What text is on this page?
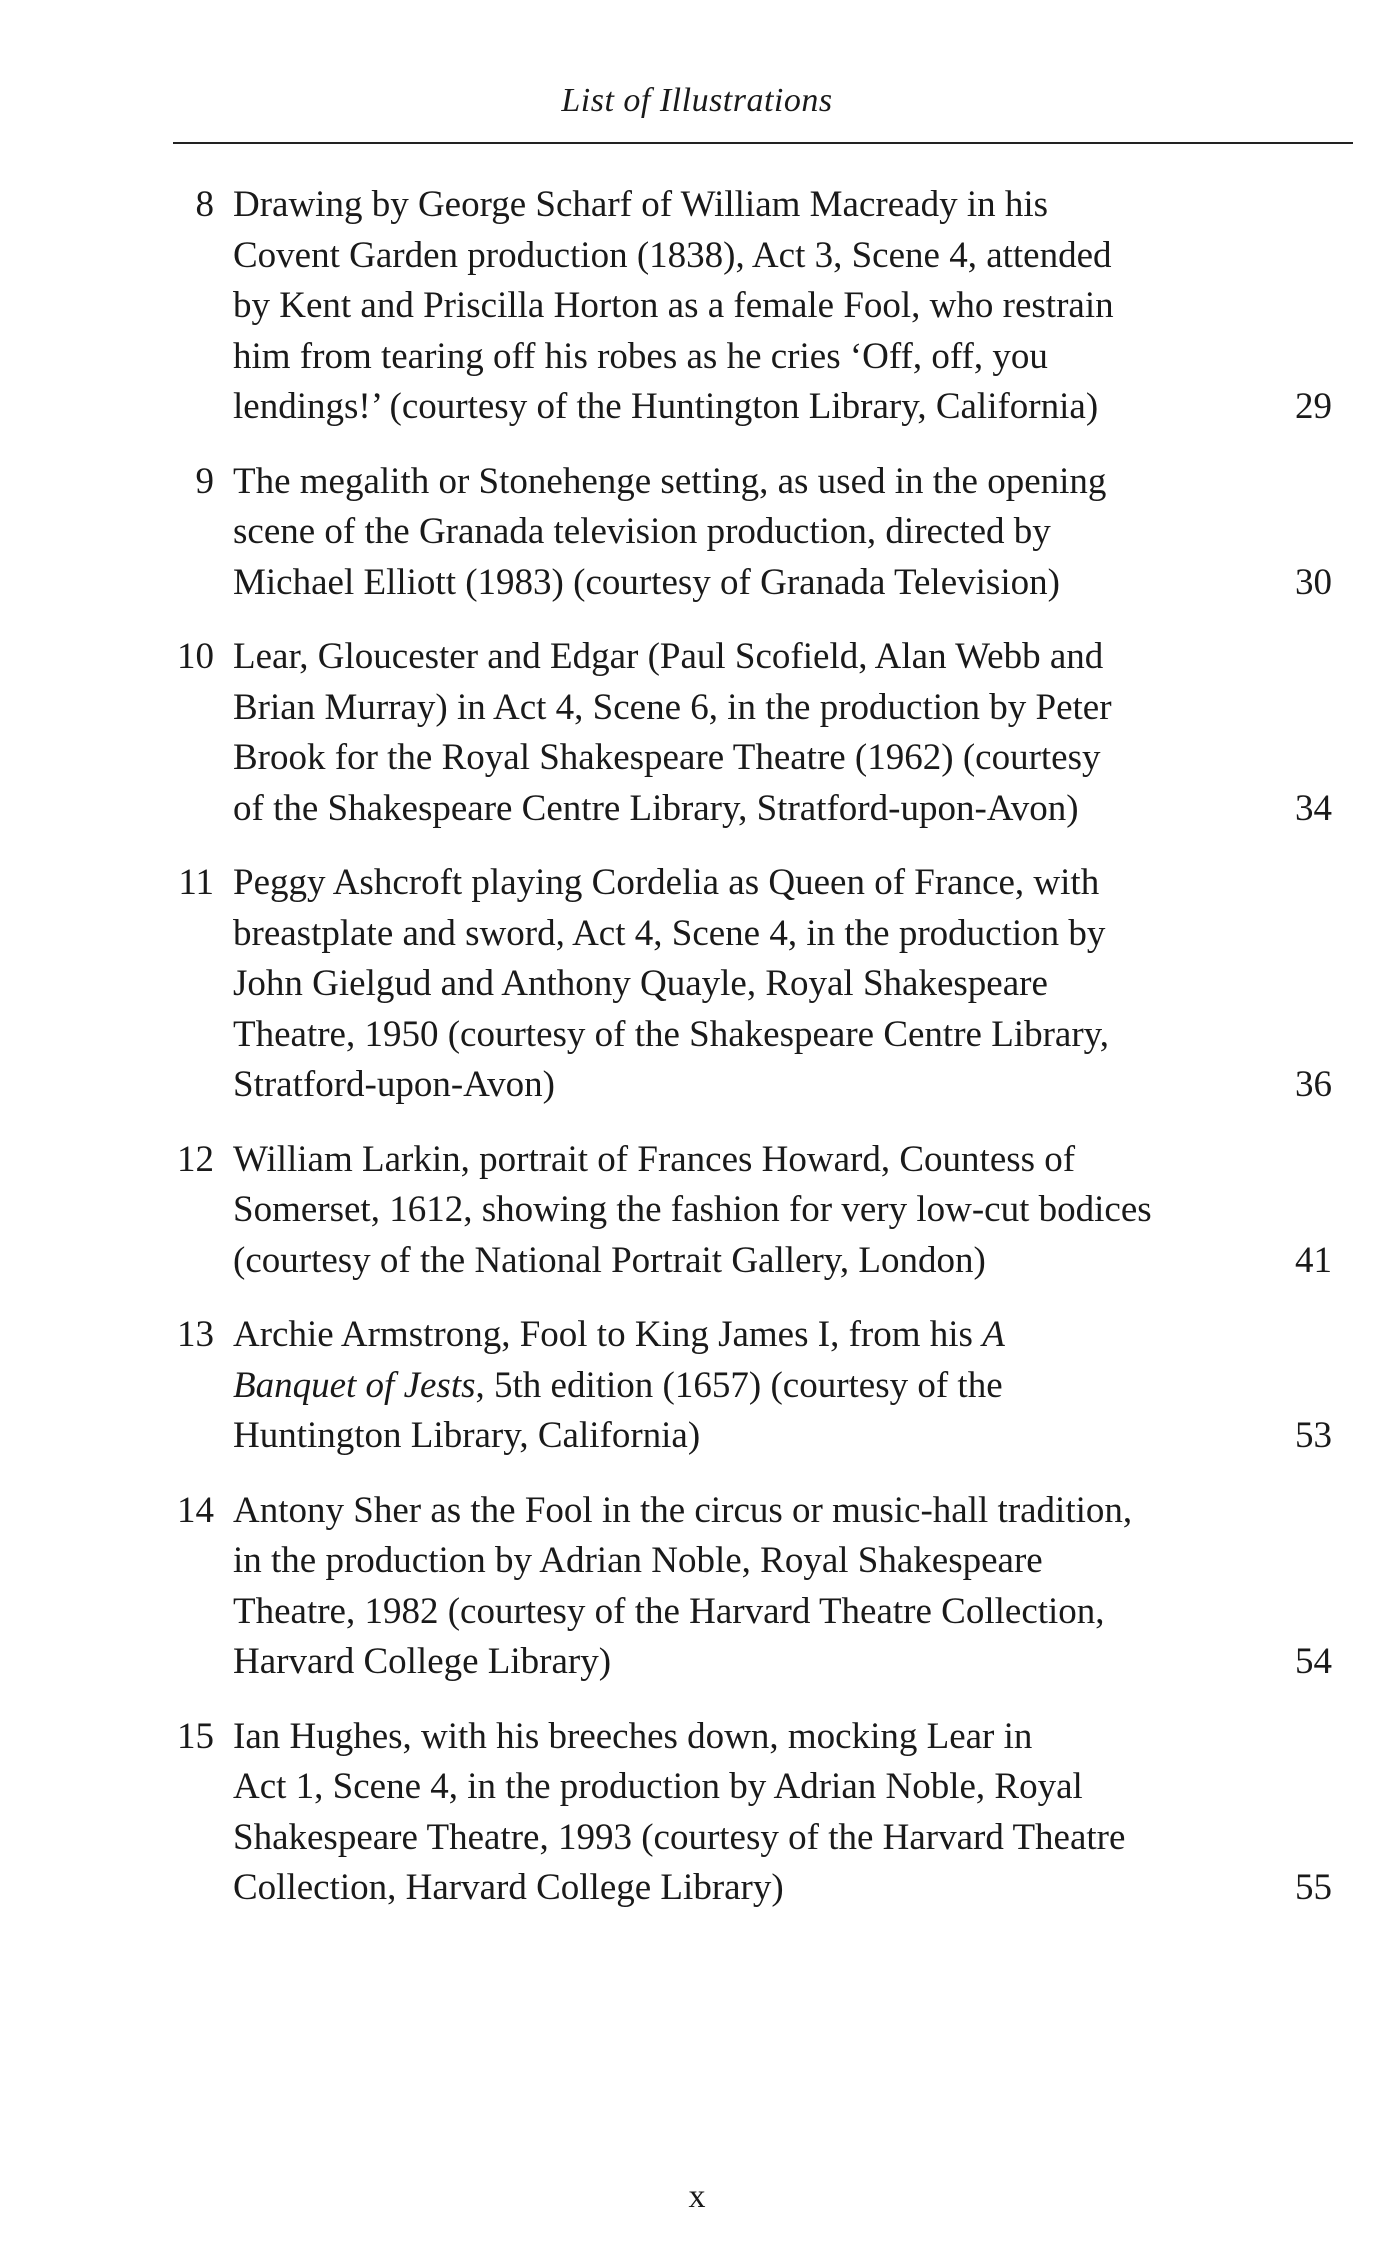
List of Illustrations
8 Drawing by George Scharf of William Macready in his
Covent Garden production (1838), Act 3, Scene 4, attended
by Kent and Priscilla Horton as a female Fool, who restrain
him from tearing off his robes as he cries ‘Off, off, you
lendings!’ (courtesy of the Huntington Library, California)	29
9 The megalith or Stonehenge setting, as used in the opening
scene of the Granada television production, directed by
Michael Elliott (1983) (courtesy of Granada Television)	30
10 Lear, Gloucester and Edgar (Paul Scofield, Alan Webb and
Brian Murray) in Act 4, Scene 6, in the production by Peter
Brook for the Royal Shakespeare Theatre (1962) (courtesy
of the Shakespeare Centre Library, Stratford-upon-Avon)	34
11 Peggy Ashcroft playing Cordelia as Queen of France, with
breastplate and sword, Act 4, Scene 4, in the production by
John Gielgud and Anthony Quayle, Royal Shakespeare
Theatre, 1950 (courtesy of the Shakespeare Centre Library,
Stratford-upon-Avon)	36
12 William Larkin, portrait of Frances Howard, Countess of
Somerset, 1612, showing the fashion for very low-cut bodices
(courtesy of the National Portrait Gallery, London)	41
13 Archie Armstrong, Fool to King James I, from his A
Banquet of Jests, 5th edition (1657) (courtesy of the
Huntington Library, California)	53
14 Antony Sher as the Fool in the circus or music-hall tradition,
in the production by Adrian Noble, Royal Shakespeare
Theatre, 1982 (courtesy of the Harvard Theatre Collection,
Harvard College Library)	54
15 Ian Hughes, with his breeches down, mocking Lear in
Act 1, Scene 4, in the production by Adrian Noble, Royal
Shakespeare Theatre, 1993 (courtesy of the Harvard Theatre
Collection, Harvard College Library)	55
x
